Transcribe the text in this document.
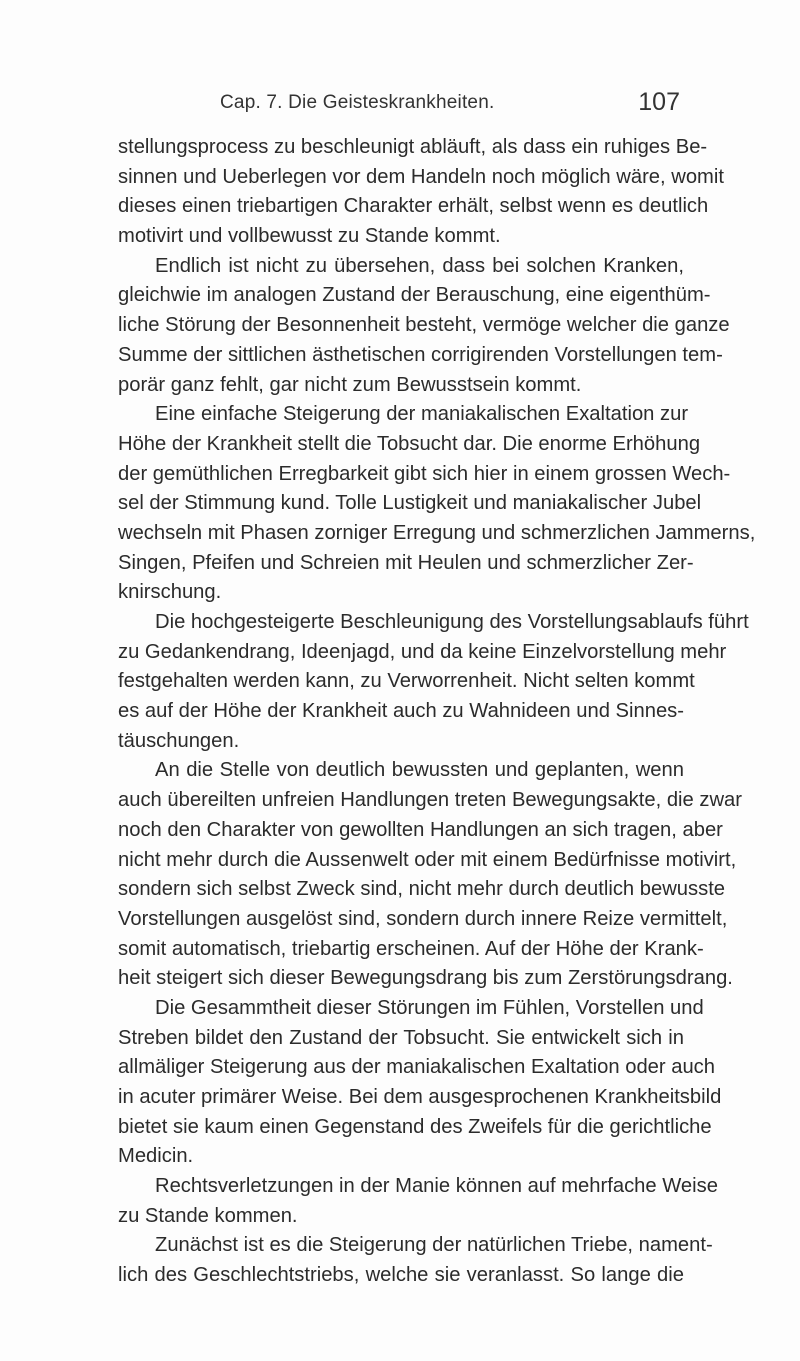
Cap. 7. Die Geisteskrankheiten.	107
stellungsprocess zu beschleunigt abläuft, als dass ein ruhiges Be-
sinnen und Ueberlegen vor dem Handeln noch möglich wäre, womit
dieses einen triebartigen Charakter erhält, selbst wenn es deutlich
motivirt und vollbewusst zu Stande kommt.
Endlich ist nicht zu übersehen, dass bei solchen Kranken,
gleichwie im analogen Zustand der Berauschung, eine eigenthüm-
liche Störung der Besonnenheit besteht, vermöge welcher die ganze
Summe der sittlichen ästhetischen corrigirenden Vorstellungen tem-
porär ganz fehlt, gar nicht zum Bewusstsein kommt.
Eine einfache Steigerung der maniakalischen Exaltation zur
Höhe der Krankheit stellt die Tobsucht dar. Die enorme Erhöhung
der gemüthlichen Erregbarkeit gibt sich hier in einem grossen Wech-
sel der Stimmung kund. Tolle Lustigkeit und maniakalischer Jubel
wechseln mit Phasen zorniger Erregung und schmerzlichen Jammerns,
Singen, Pfeifen und Schreien mit Heulen und schmerzlicher Zer-
knirschung.
Die hochgesteigerte Beschleunigung des Vorstellungsablaufs führt
zu Gedankendrang, Ideenjagd, und da keine Einzelvorstellung mehr
festgehalten werden kann, zu Verworrenheit. Nicht selten kommt
es auf der Höhe der Krankheit auch zu Wahnideen und Sinnes-
täuschungen.
An die Stelle von deutlich bewussten und geplanten, wenn
auch übereilten unfreien Handlungen treten Bewegungsakte, die zwar
noch den Charakter von gewollten Handlungen an sich tragen, aber
nicht mehr durch die Aussenwelt oder mit einem Bedürfnisse motivirt,
sondern sich selbst Zweck sind, nicht mehr durch deutlich bewusste
Vorstellungen ausgelöst sind, sondern durch innere Reize vermittelt,
somit automatisch, triebartig erscheinen. Auf der Höhe der Krank-
heit steigert sich dieser Bewegungsdrang bis zum Zerstörungsdrang.
Die Gesammtheit dieser Störungen im Fühlen, Vorstellen und
Streben bildet den Zustand der Tobsucht. Sie entwickelt sich in
allmäliger Steigerung aus der maniakalischen Exaltation oder auch
in acuter primärer Weise. Bei dem ausgesprochenen Krankheitsbild
bietet sie kaum einen Gegenstand des Zweifels für die gerichtliche
Medicin.
Rechtsverletzungen in der Manie können auf mehrfache Weise
zu Stande kommen.
Zunächst ist es die Steigerung der natürlichen Triebe, nament-
lich des Geschlechtstriebs, welche sie veranlasst. So lange die
